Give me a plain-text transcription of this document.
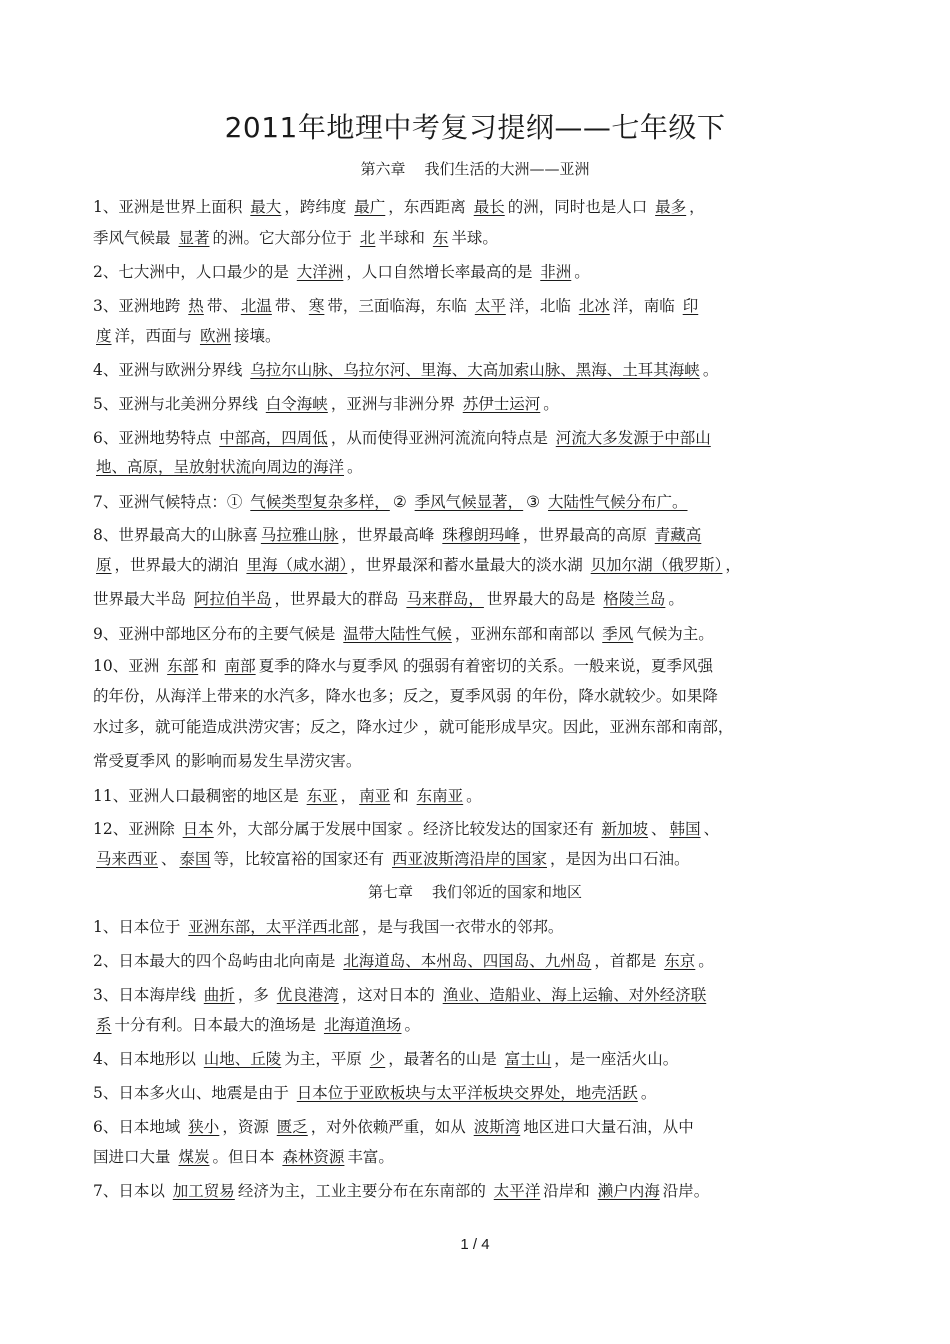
2011年地理中考复习提纲——七年级下
第六章    我们生活的大洲——亚洲
1、亚洲是世界上面积 最大 ，跨纬度 最广 ，东西距离 最长 的洲，同时也是人口 最多 ，
季风气候最 显著 的洲。它大部分位于 北 半球和 东 半球。
2、七大洲中，人口最少的是 大洋洲 ，人口自然增长率最高的是 非洲 。
3、亚洲地跨 热 带、 北温 带、 寒 带，三面临海，东临 太平 洋，北临 北冰 洋，南临 印
度 洋，西面与 欧洲 接壤。
4、亚洲与欧洲分界线 乌拉尔山脉、乌拉尔河、里海、大高加索山脉、黑海、土耳其海峡 。
5、亚洲与北美洲分界线 白令海峡 ，亚洲与非洲分界 苏伊士运河 。
6、亚洲地势特点 中部高，四周低 ，从而使得亚洲河流流向特点是 河流大多发源于中部山
地、高原，呈放射状流向周边的海洋 。
7、亚洲气候特点：① 气候类型复杂多样， ② 季风气候显著， ③ 大陆性气候分布广。
8、世界最高大的山脉喜 马拉雅山脉 ，世界最高峰 珠穆朗玛峰 ，世界最高的高原 青藏高
原 ，世界最大的湖泊 里海（咸水湖） ，世界最深和蓄水量最大的淡水湖 贝加尔湖（俄罗斯） ，
世界最大半岛 阿拉伯半岛 ，世界最大的群岛 马来群岛， 世界最大的岛是 格陵兰岛 。
9、亚洲中部地区分布的主要气候是 温带大陆性气候 ，亚洲东部和南部以 季风 气候为主。
10、亚洲 东部 和 南部 夏季的降水与夏季风 的强弱有着密切的关系。一般来说，夏季风强
的年份，从海洋上带来的水汽多，降水也多；反之，夏季风弱 的年份，降水就较少。如果降
水过多，就可能造成洪涝灾害；反之，降水过少 ，就可能形成旱灾。因此，亚洲东部和南部，
常受夏季风 的影响而易发生旱涝灾害。
11、亚洲人口最稠密的地区是 东亚 ， 南亚 和 东南亚 。
12、亚洲除 日本 外，大部分属于发展中国家 。经济比较发达的国家还有 新加坡 、 韩国 、
马来西亚 、 泰国 等，比较富裕的国家还有 西亚波斯湾沿岸的国家 ，是因为出口石油。
第七章    我们邻近的国家和地区
1、日本位于 亚洲东部，太平洋西北部 ，是与我国一衣带水的邻邦。
2、日本最大的四个岛屿由北向南是 北海道岛、本州岛、四国岛、九州岛 ，首都是 东京 。
3、日本海岸线 曲折 ，多 优良港湾 ，这对日本的 渔业、造船业、海上运输、对外经济联
系 十分有利。日本最大的渔场是 北海道渔场 。
4、日本地形以 山地、丘陵 为主，平原 少 ，最著名的山是 富士山 ，是一座活火山。
5、日本多火山、地震是由于 日本位于亚欧板块与太平洋板块交界处，地壳活跃 。
6、日本地域 狭小 ，资源 匮乏 ，对外依赖严重，如从 波斯湾 地区进口大量石油，从中
国进口大量 煤炭 。但日本 森林资源 丰富。
7、日本以 加工贸易 经济为主，工业主要分布在东南部的 太平洋 沿岸和 濑户内海 沿岸。
1 / 4
